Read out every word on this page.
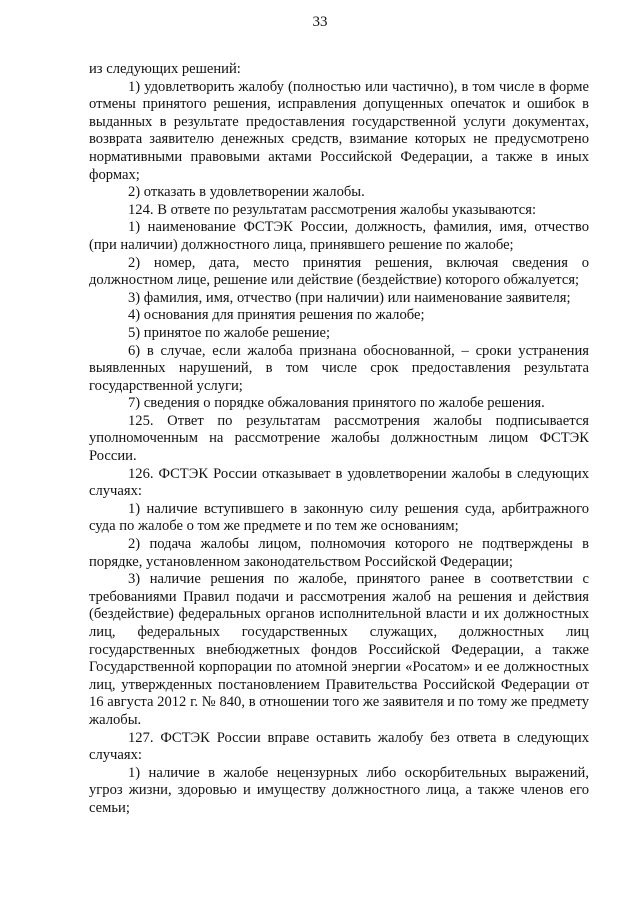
33

из следующих решений:

1) удовлетворить жалобу (полностью или частично), в том числе в форме отмены принятого решения, исправления допущенных опечаток и ошибок в выданных в результате предоставления государственной услуги документах, возврата заявителю денежных средств, взимание которых не предусмотрено нормативными правовыми актами Российской Федерации, а также в иных формах;

2) отказать в удовлетворении жалобы.

124. В ответе по результатам рассмотрения жалобы указываются:

1) наименование ФСТЭК России, должность, фамилия, имя, отчество (при наличии) должностного лица, принявшего решение по жалобе;

2) номер, дата, место принятия решения, включая сведения о должностном лице, решение или действие (бездействие) которого обжалуется;

3) фамилия, имя, отчество (при наличии) или наименование заявителя;

4) основания для принятия решения по жалобе;

5) принятое по жалобе решение;

6) в случае, если жалоба признана обоснованной, – сроки устранения выявленных нарушений, в том числе срок предоставления результата государственной услуги;

7) сведения о порядке обжалования принятого по жалобе решения.

125. Ответ по результатам рассмотрения жалобы подписывается уполномоченным на рассмотрение жалобы должностным лицом ФСТЭК России.

126. ФСТЭК России отказывает в удовлетворении жалобы в следующих случаях:

1) наличие вступившего в законную силу решения суда, арбитражного суда по жалобе о том же предмете и по тем же основаниям;

2) подача жалобы лицом, полномочия которого не подтверждены в порядке, установленном законодательством Российской Федерации;

3) наличие решения по жалобе, принятого ранее в соответствии с требованиями Правил подачи и рассмотрения жалоб на решения и действия (бездействие) федеральных органов исполнительной власти и их должностных лиц, федеральных государственных служащих, должностных лиц государственных внебюджетных фондов Российской Федерации, а также Государственной корпорации по атомной энергии «Росатом» и ее должностных лиц, утвержденных постановлением Правительства Российской Федерации от 16 августа 2012 г. № 840, в отношении того же заявителя и по тому же предмету жалобы.

127. ФСТЭК России вправе оставить жалобу без ответа в следующих случаях:

1) наличие в жалобе нецензурных либо оскорбительных выражений, угроз жизни, здоровью и имуществу должностного лица, а также членов его семьи;
